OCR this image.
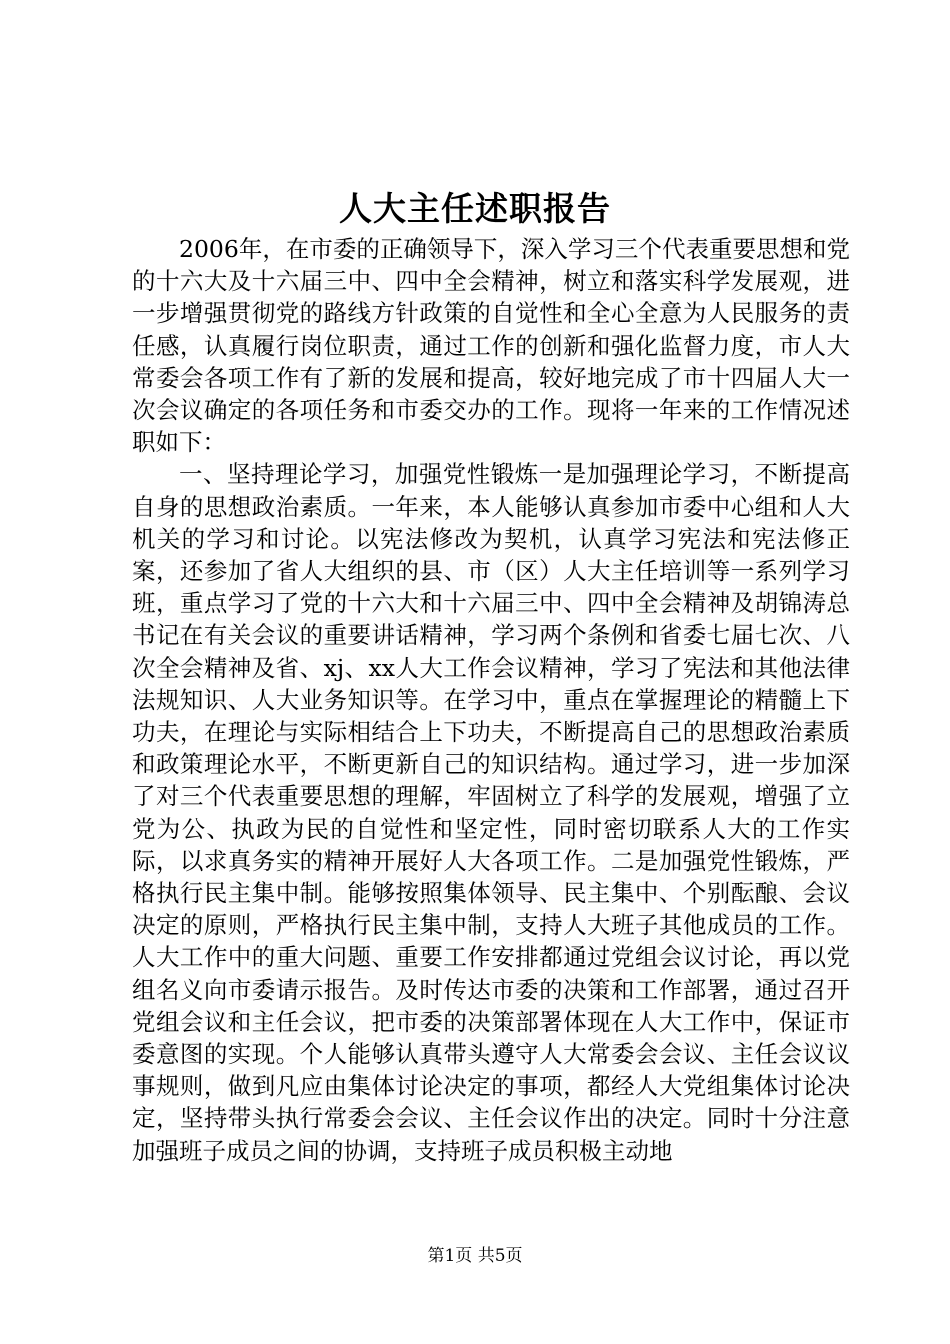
人大主任述职报告

2006年，在市委的正确领导下，深入学习三个代表重要思想和党的十六大及十六届三中、四中全会精神，树立和落实科学发展观，进一步增强贯彻党的路线方针政策的自觉性和全心全意为人民服务的责任感，认真履行岗位职责，通过工作的创新和强化监督力度，市人大常委会各项工作有了新的发展和提高，较好地完成了市十四届人大一次会议确定的各项任务和市委交办的工作。现将一年来的工作情况述职如下：

一、坚持理论学习，加强党性锻炼一是加强理论学习，不断提高自身的思想政治素质。一年来，本人能够认真参加市委中心组和人大机关的学习和讨论。以宪法修改为契机，认真学习宪法和宪法修正案，还参加了省人大组织的县、市（区）人大主任培训等一系列学习班，重点学习了党的十六大和十六届三中、四中全会精神及胡锦涛总书记在有关会议的重要讲话精神，学习两个条例和省委七届七次、八次全会精神及省、xj、xx人大工作会议精神，学习了宪法和其他法律法规知识、人大业务知识等。在学习中，重点在掌握理论的精髓上下功夫，在理论与实际相结合上下功夫，不断提高自己的思想政治素质和政策理论水平，不断更新自己的知识结构。通过学习，进一步加深了对三个代表重要思想的理解，牢固树立了科学的发展观，增强了立党为公、执政为民的自觉性和坚定性，同时密切联系人大的工作实际，以求真务实的精神开展好人大各项工作。二是加强党性锻炼，严格执行民主集中制。能够按照集体领导、民主集中、个别酝酿、会议决定的原则，严格执行民主集中制，支持人大班子其他成员的工作。人大工作中的重大问题、重要工作安排都通过党组会议讨论，再以党组名义向市委请示报告。及时传达市委的决策和工作部署，通过召开党组会议和主任会议，把市委的决策部署体现在人大工作中，保证市委意图的实现。个人能够认真带头遵守人大常委会会议、主任会议议事规则，做到凡应由集体讨论决定的事项，都经人大党组集体讨论决定，坚持带头执行常委会会议、主任会议作出的决定。同时十分注意加强班子成员之间的协调，支持班子成员积极主动地

第1页 共5页
